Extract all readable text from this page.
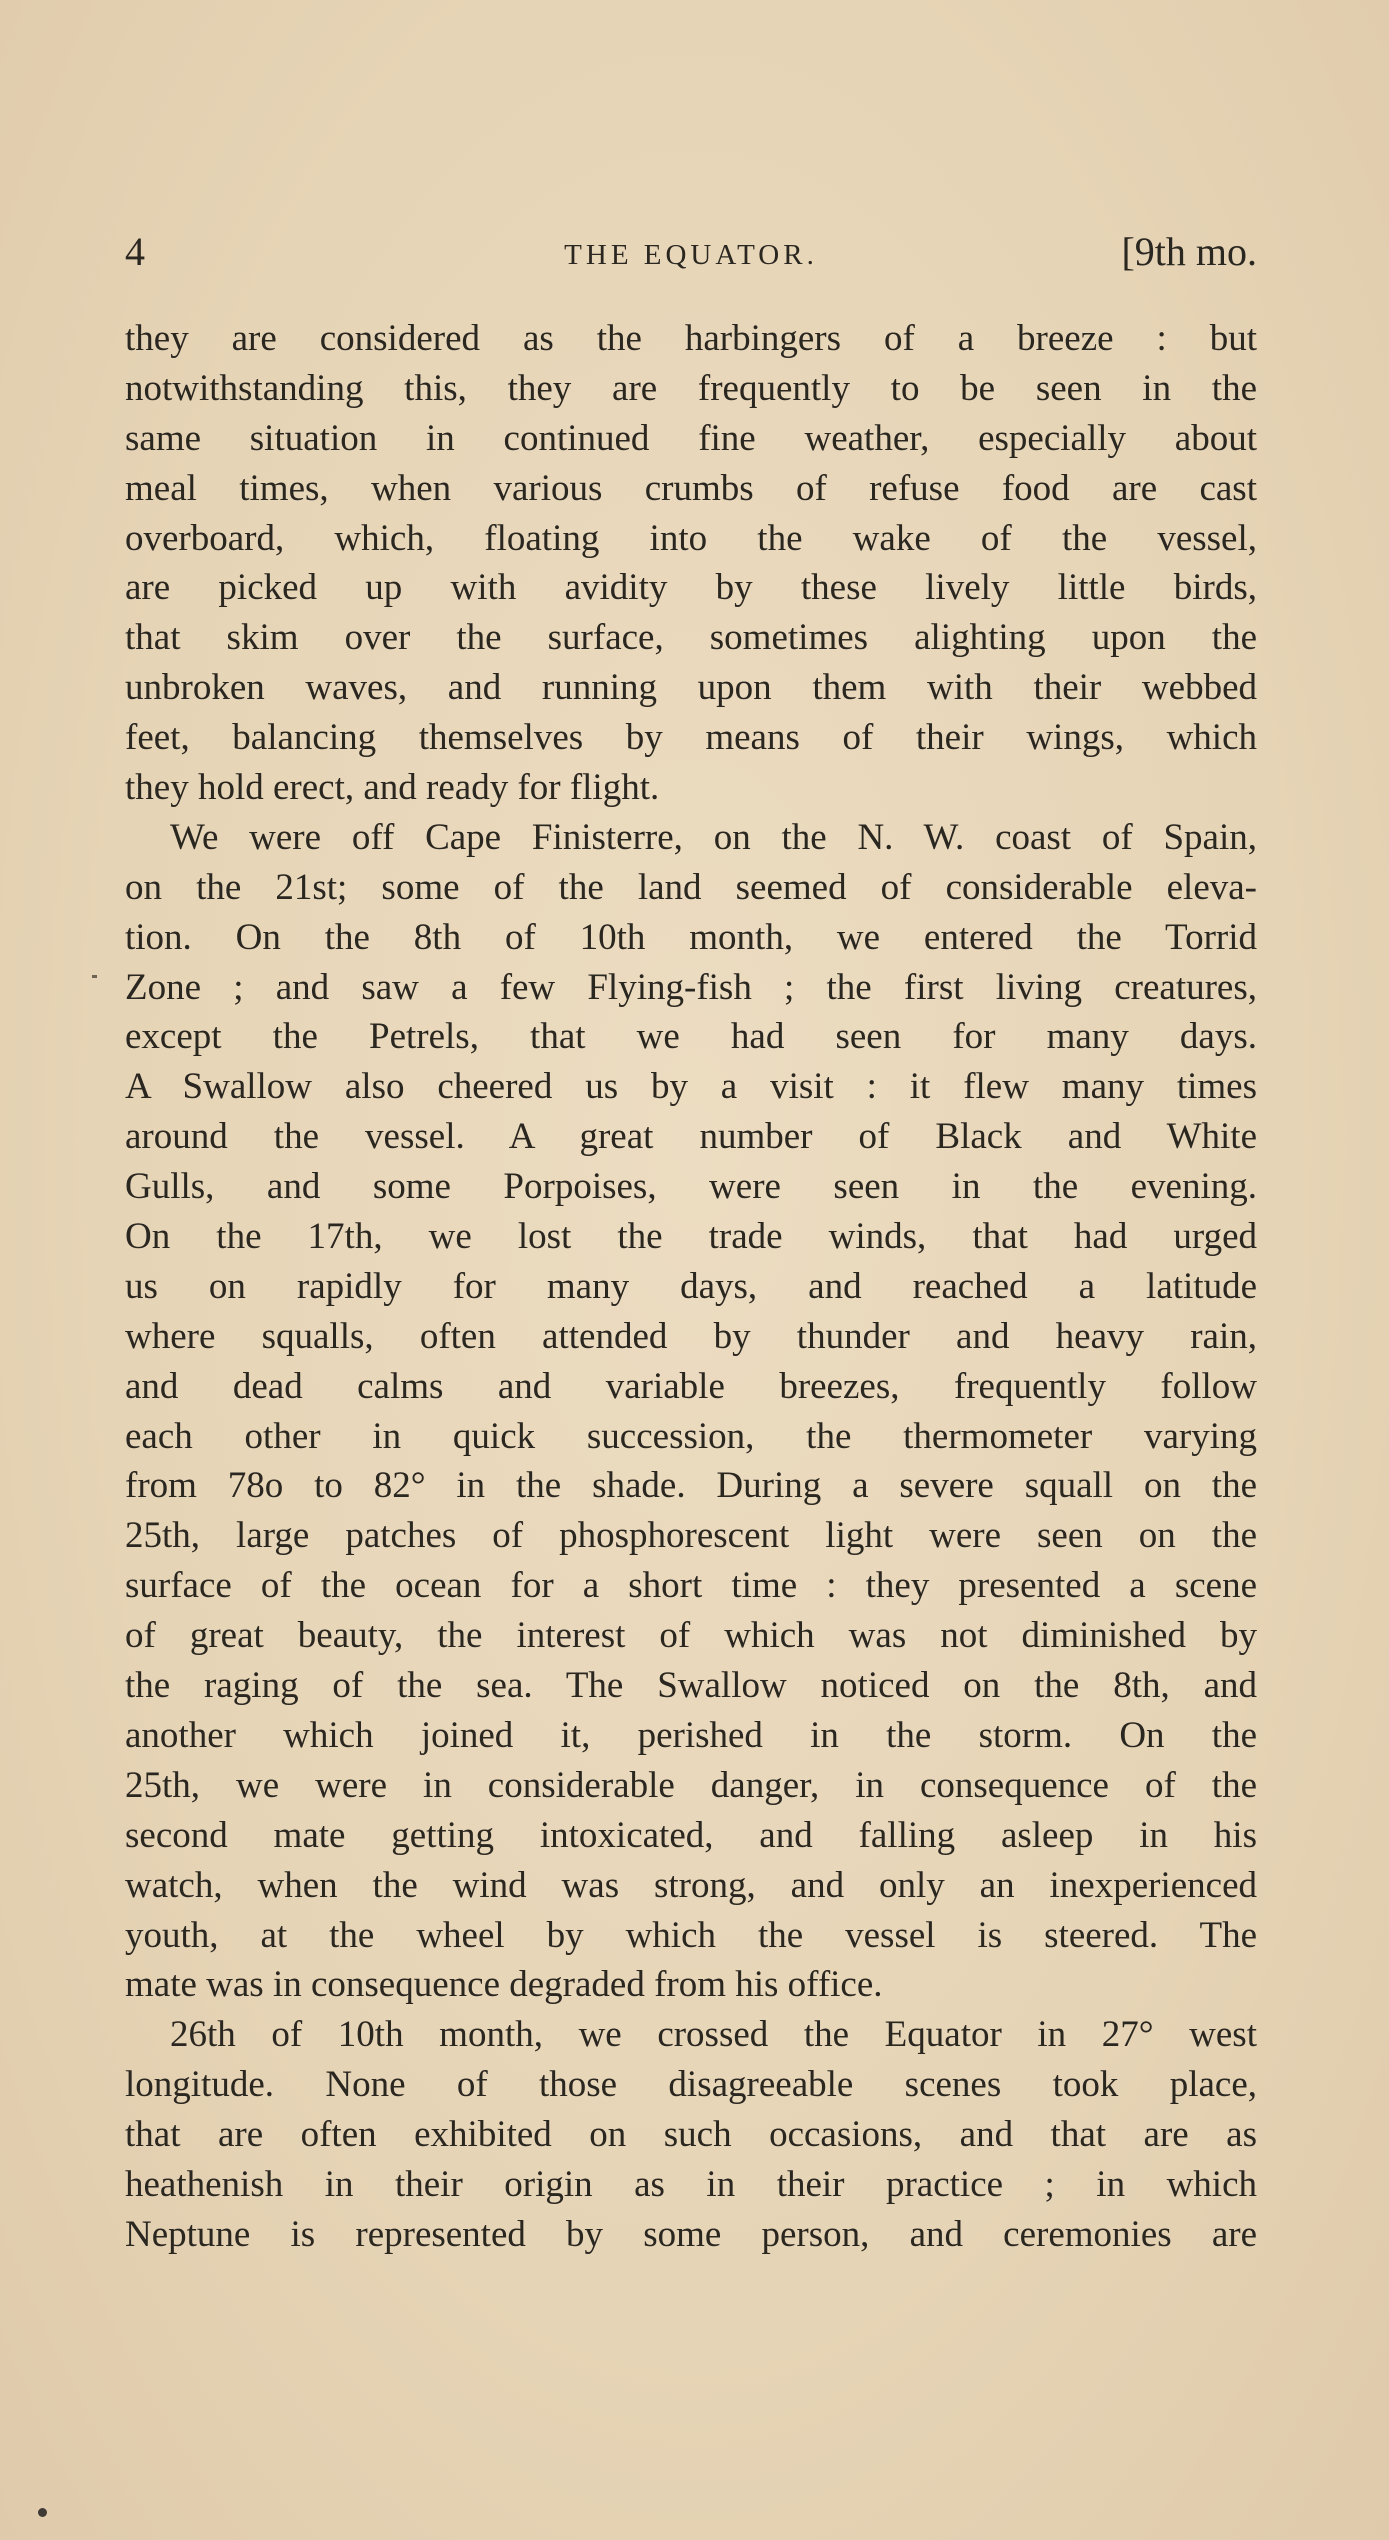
4	THE EQUATOR.	[9th mo.
they are considered as the harbingers of a breeze : but
notwithstanding this, they are frequently to be seen in the
same situation in continued fine weather, especially about
meal times, when various crumbs of refuse food are cast
overboard, which, floating into the wake of the vessel,
are picked up with avidity by these lively little birds,
that skim over the surface, sometimes alighting upon the
unbroken waves, and running upon them with their webbed
feet, balancing themselves by means of their wings, which
they hold erect, and ready for flight.
We were off Cape Finisterre, on the N. W. coast of Spain,
on the 21st; some of the land seemed of considerable eleva-
tion. On the 8th of 10th month, we entered the Torrid
Zone ; and saw a few Flying-fish ; the first living creatures,
except the Petrels, that we had seen for many days.
A Swallow also cheered us by a visit : it flew many times
around the vessel. A great number of Black and White
Gulls, and some Porpoises, were seen in the evening.
On the 17th, we lost the trade winds, that had urged
us on rapidly for many days, and reached a latitude
where squalls, often attended by thunder and heavy rain,
and dead calms and variable breezes, frequently follow
each other in quick succession, the thermometer varying
from 78o to 82° in the shade. During a severe squall on the
25th, large patches of phosphorescent light were seen on the
surface of the ocean for a short time : they presented a scene
of great beauty, the interest of which was not diminished by
the raging of the sea. The Swallow noticed on the 8th, and
another which joined it, perished in the storm. On the
25th, we were in considerable danger, in consequence of the
second mate getting intoxicated, and falling asleep in his
watch, when the wind was strong, and only an inexperienced
youth, at the wheel by which the vessel is steered. The
mate was in consequence degraded from his office.
26th of 10th month, we crossed the Equator in 27° west
longitude. None of those disagreeable scenes took place,
that are often exhibited on such occasions, and that are as
heathenish in their origin as in their practice ; in which
Neptune is represented by some person, and ceremonies are
